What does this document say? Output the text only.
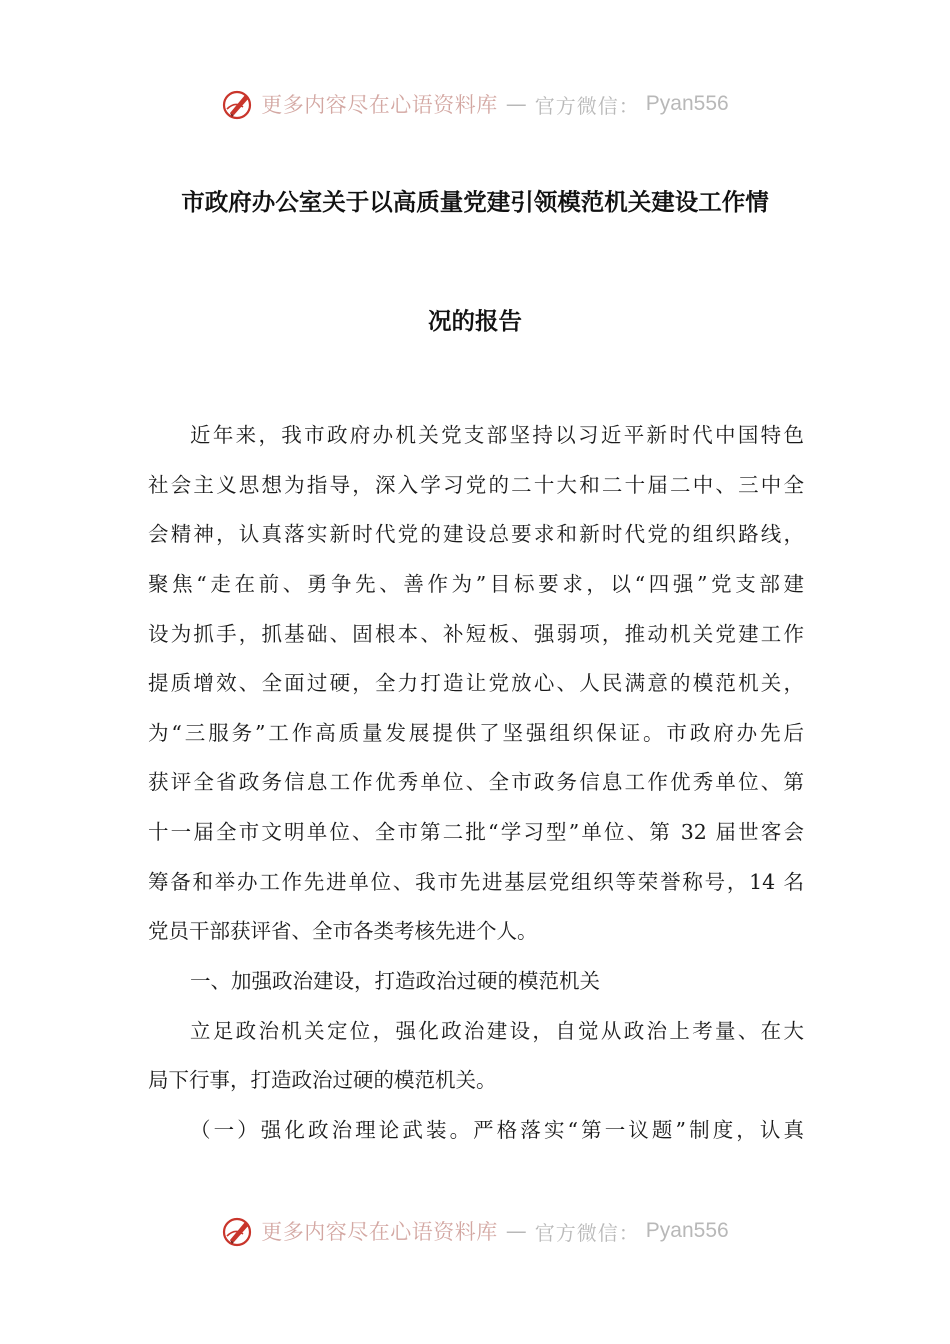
更多内容尽在心语资料库 — 官方微信： Pyan556
市政府办公室关于以高质量党建引领模范机关建设工作情
况的报告
近年来，我市政府办机关党支部坚持以习近平新时代中国特色
社会主义思想为指导，深入学习党的二十大和二十届二中、三中全
会精神，认真落实新时代党的建设总要求和新时代党的组织路线，
聚焦“走在前、勇争先、善作为”目标要求，以“四强”党支部建
设为抓手，抓基础、固根本、补短板、强弱项，推动机关党建工作
提质增效、全面过硬，全力打造让党放心、人民满意的模范机关，
为“三服务”工作高质量发展提供了坚强组织保证。市政府办先后
获评全省政务信息工作优秀单位、全市政务信息工作优秀单位、第
十一届全市文明单位、全市第二批“学习型”单位、第 32 届世客会
筹备和举办工作先进单位、我市先进基层党组织等荣誉称号，14 名
党员干部获评省、全市各类考核先进个人。
一、加强政治建设，打造政治过硬的模范机关
立足政治机关定位，强化政治建设，自觉从政治上考量、在大
局下行事，打造政治过硬的模范机关。
（一）强化政治理论武装。严格落实“第一议题”制度，认真
更多内容尽在心语资料库 — 官方微信： Pyan556
